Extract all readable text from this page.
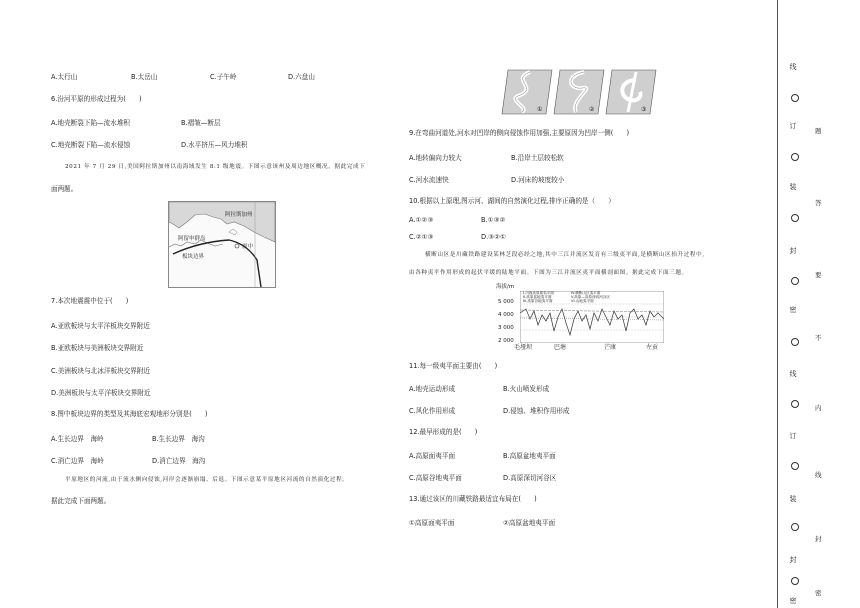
A.太行山	B.太岳山	C.子午岭	D.六盘山
6.汾河平原的形成过程为(　　)
A.地壳断裂下陷—流水堆积	B.褶皱—断层
C.地壳断裂下陷—流水侵蚀	D.水平挤压—风力堆积
2021 年 7 月 29 日,美国阿拉斯加州以南海域发生 8.1 级地震。下图示意该州及周边地区概况。据此完成下
面两题。
阿拉斯加州
阿留申群岛
震中
板块边界
7.本次地震震中位于(　　)
A.亚欧板块与太平洋板块交界附近
B.亚欧板块与美洲板块交界附近
C.美洲板块与北冰洋板块交界附近
D.美洲板块与太平洋板块交界附近
8.图中板块边界的类型及其海底宏观地形分别是(　　)
A.生长边界　海岭	B.生长边界　海沟
C.消亡边界　海岭	D.消亡边界　海沟
平原地区的河流,由于流水侧向侵蚀,河岸会逐渐崩塌、后退。下图示意某平原地区河流的自然演化过程。
据此完成下面两题。
①	②	③
9.在弯曲河道处,河水对凹岸的侧向侵蚀作用加强,主要原因为凹岸一侧(　　)
A.地转偏向力较大	B.沿岸土层较松软
C.河水流速快	D.河床的坡度较小
10.根据以上原理,图示河、湖间的自然演化过程,排序正确的是（　　）
A.①②③	B.①③②
C.②①③	D.③②①
横断山区是川藏铁路建设某林芝段必经之地,其中三江并流区发育有三级夷平面,是横断山区抬升过程中,
由各种夷平作用形成的起伏平缓的陆地平面。下图为三江并流区夷平面横剖面图。据此完成下面三题。
海拔/m
5 000
4 000
3 000
2 000
I.川西高原面夷平面
II.高原盆地夷平面
III.高原谷地夷平面
IV.横断山区夷平面
V.高原—高原深切河谷区
VI.山地夷平面
毛垭坝	巴塘	芒康	左贡
11.每一级夷平面主要由(　　)
A.地壳运动形成	B.火山喷发形成
C.风化作用形成	D.侵蚀、堆积作用形成
12.最早形成的是(　　)
A.高原面夷平面	B.高原盆地夷平面
C.高原谷地夷平面	D.高原深切河谷区
13.通过该区的川藏铁路最适宜布局在(　　)
①高原面夷平面	②高原盆地夷平面
线
订
装
封
密
线
订
装
封
密
题
答
要
不
内
线
封
密
